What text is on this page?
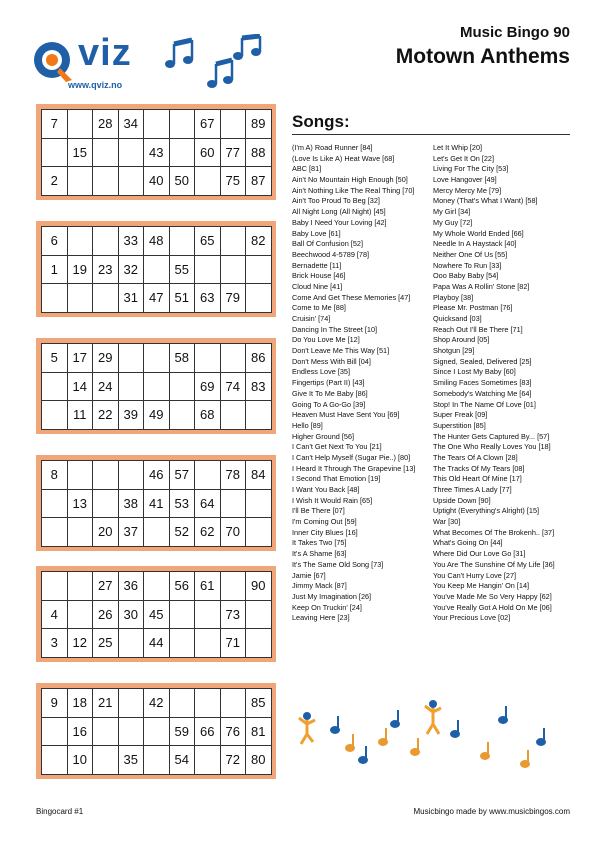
viz
www.qviz.no
Music Bingo 90
Motown Anthems
7		28	34			67		89
	15			43		60	77	88
2				40	50		75	87
6			33	48		65		82
1	19	23	32		55			
			31	47	51	63	79	
5	17	29			58			86
	14	24				69	74	83
	11	22	39	49		68		
8				46	57		78	84
	13		38	41	53	64		
		20	37		52	62	70	
		27	36		56	61		90
4		26	30	45			73	
3	12	25		44			71	
9	18	21		42				85
	16				59	66	76	81
	10		35		54		72	80
Songs:
(I'm A) Road Runner [84]
(Love Is Like A) Heat Wave [68]
ABC [81]
Ain't No Mountain High Enough [50]
Ain't Nothing Like The Real Thing [70]
Ain't Too Proud To Beg [32]
All Night Long (All Night) [45]
Baby I Need Your Loving [42]
Baby Love [61]
Ball Of Confusion [52]
Beechwood 4-5789 [78]
Bernadette [11]
Brick House [46]
Cloud Nine [41]
Come And Get These Memories [47]
Come to Me [88]
Cruisin' [74]
Dancing In The Street [10]
Do You Love Me [12]
Don't Leave Me This Way [51]
Don't Mess With Bill [04]
Endless Love [35]
Fingertips (Part II) [43]
Give It To Me Baby [86]
Going To A Go-Go [39]
Heaven Must Have Sent You [69]
Hello [89]
Higher Ground [56]
I Can't Get Next To You [21]
I Can't Help Myself (Sugar Pie..) [80]
I Heard It Through The Grapevine [13]
I Second That Emotion [19]
I Want You Back [48]
I Wish It Would Rain [65]
I'll Be There [07]
I'm Coming Out [59]
Inner City Blues [16]
It Takes Two [75]
It's A Shame [63]
It's The Same Old Song [73]
Jamie [67]
Jimmy Mack [87]
Just My Imagination [26]
Keep On Truckin' [24]
Leaving Here [23]
Let It Whip [20]
Let's Get It On [22]
Living For The City [53]
Love Hangover [49]
Mercy Mercy Me [79]
Money (That's What I Want) [58]
My Girl [34]
My Guy [72]
My Whole World Ended [66]
Needle In A Haystack [40]
Neither One Of Us [55]
Nowhere To Run [33]
Ooo Baby Baby [54]
Papa Was A Rollin' Stone [82]
Playboy [38]
Please Mr. Postman [76]
Quicksand [03]
Reach Out I'll Be There [71]
Shop Around [05]
Shotgun [29]
Signed, Sealed, Delivered [25]
Since I Lost My Baby [60]
Smiling Faces Sometimes [83]
Somebody's Watching Me [64]
Stop! In The Name Of Love [01]
Super Freak [09]
Superstition [85]
The Hunter Gets Captured By... [57]
The One Who Really Loves You [18]
The Tears Of A Clown [28]
The Tracks Of My Tears [08]
This Old Heart Of Mine [17]
Three Times A Lady [77]
Upside Down [90]
Uptight (Everything's Alright) [15]
War [30]
What Becomes Of The Brokenh.. [37]
What's Going On [44]
Where Did Our Love Go [31]
You Are The Sunshine Of My Life [36]
You Can't Hurry Love [27]
You Keep Me Hangin' On [14]
You've Made Me So Very Happy [62]
You've Really Got A Hold On Me [06]
Your Precious Love [02]
Bingocard #1	Musicbingo made by www.musicbingos.com
